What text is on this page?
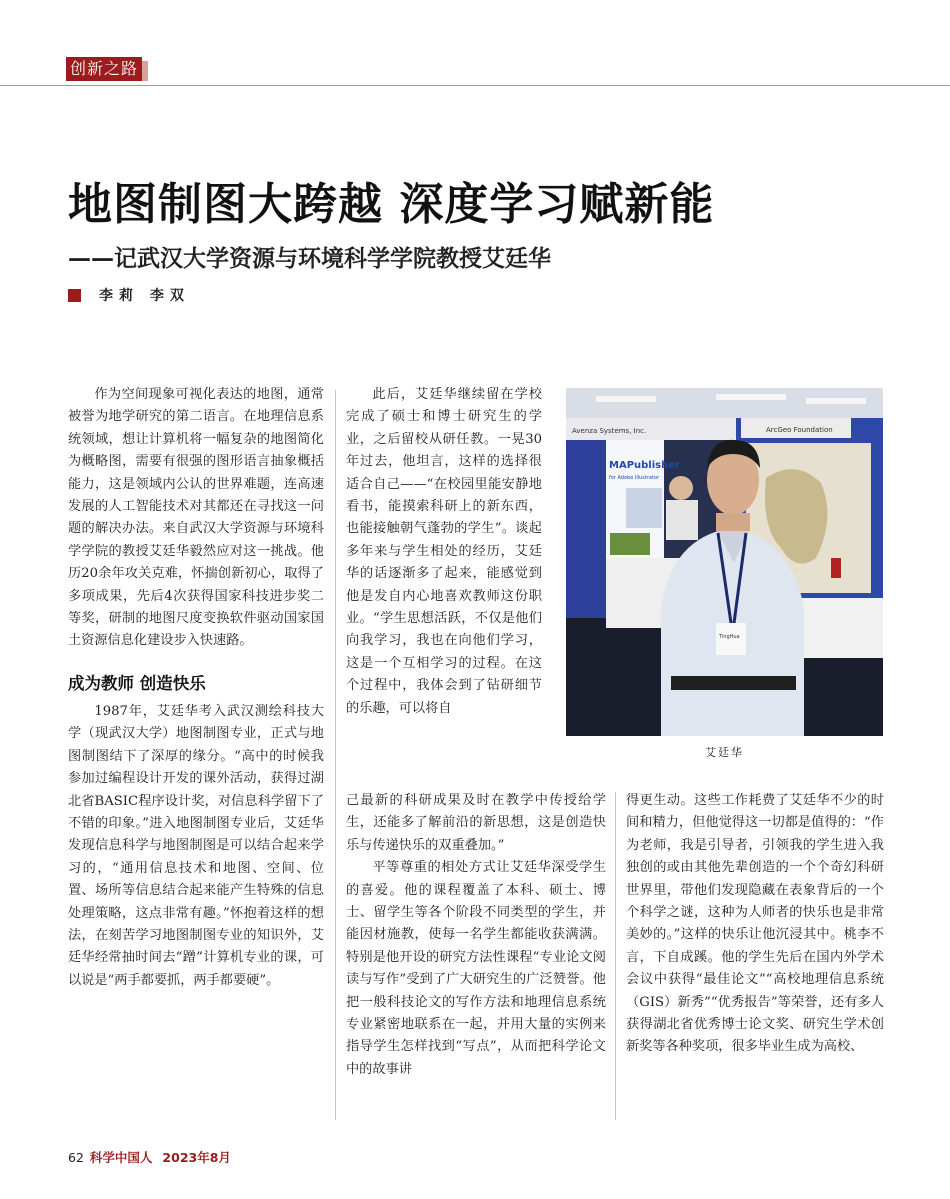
创新之路
地图制图大跨越 深度学习赋新能
——记武汉大学资源与环境科学学院教授艾廷华
李莉 李双

作为空间现象可视化表达的地图，通常被誉为地学研究的第二语言。在地理信息系统领域，想让计算机将一幅复杂的地图简化为概略图，需要有很强的图形语言抽象概括能力，这是领域内公认的世界难题，连高速发展的人工智能技术对其都还在寻找这一问题的解决办法。来自武汉大学资源与环境科学学院的教授艾廷华毅然应对这一挑战。他历20余年攻关克难，怀揣创新初心，取得了多项成果，先后4次获得国家科技进步奖二等奖，研制的地图尺度变换软件驱动国家国土资源信息化建设步入快速路。

成为教师 创造快乐

1987年，艾廷华考入武汉测绘科技大学（现武汉大学）地图制图专业，正式与地图制图结下了深厚的缘分。“高中的时候我参加过编程设计开发的课外活动，获得过湖北省BASIC程序设计奖，对信息科学留下了不错的印象。”进入地图制图专业后，艾廷华发现信息科学与地图制图是可以结合起来学习的，“通用信息技术和地图、空间、位置、场所等信息结合起来能产生特殊的信息处理策略，这点非常有趣。”怀抱着这样的想法，在刻苦学习地图制图专业的知识外，艾廷华经常抽时间去“蹭”计算机专业的课，可以说是“两手都要抓，两手都要硬”。

此后，艾廷华继续留在学校完成了硕士和博士研究生的学业，之后留校从研任教。一晃30年过去，他坦言，这样的选择很适合自己——“在校园里能安静地看书，能摸索科研上的新东西，也能接触朝气蓬勃的学生”。谈起多年来与学生相处的经历，艾廷华的话逐渐多了起来，能感觉到他是发自内心地喜欢教师这份职业。“学生思想活跃，不仅是他们向我学习，我也在向他们学习，这是一个互相学习的过程。在这个过程中，我体会到了钻研细节的乐趣，可以将自

Avenza Systems, Inc.
MAPublisher
for Adobe Illustrator
ArcGeo Foundation
TingHua
艾廷华

己最新的科研成果及时在教学中传授给学生，还能多了解前沿的新思想，这是创造快乐与传递快乐的双重叠加。”

平等尊重的相处方式让艾廷华深受学生的喜爱。他的课程覆盖了本科、硕士、博士、留学生等各个阶段不同类型的学生，并能因材施教，使每一名学生都能收获满满。特别是他开设的研究方法性课程“专业论文阅读与写作”受到了广大研究生的广泛赞誉。他把一般科技论文的写作方法和地理信息系统专业紧密地联系在一起，并用大量的实例来指导学生怎样找到“写点”，从而把科学论文中的故事讲

得更生动。这些工作耗费了艾廷华不少的时间和精力，但他觉得这一切都是值得的：“作为老师，我是引导者，引领我的学生进入我独创的或由其他先辈创造的一个个奇幻科研世界里，带他们发现隐藏在表象背后的一个个科学之谜，这种为人师者的快乐也是非常美妙的。”这样的快乐让他沉浸其中。桃李不言，下自成蹊。他的学生先后在国内外学术会议中获得“最佳论文”“高校地理信息系统（GIS）新秀”“优秀报告”等荣誉，还有多人获得湖北省优秀博士论文奖、研究生学术创新奖等各种奖项，很多毕业生成为高校、

62 科学中国人 2023年8月
